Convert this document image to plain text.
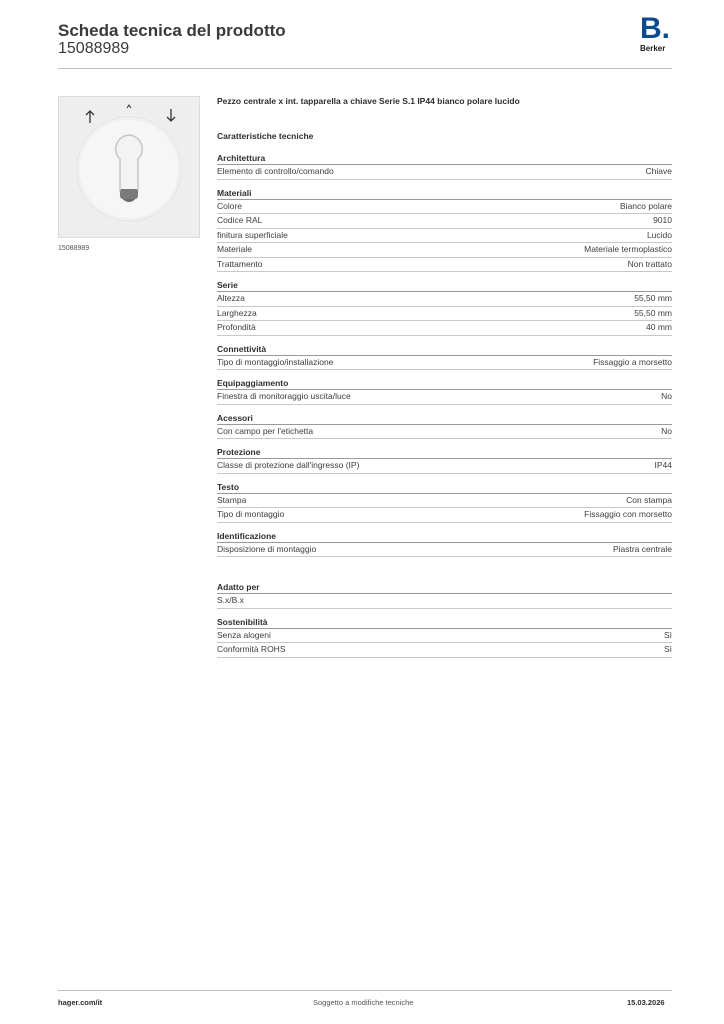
Scheda tecnica del prodotto
15088989
B.
Berker
15088989
Pezzo centrale x int. tapparella a chiave Serie S.1 IP44 bianco polare lucido
Caratteristiche tecniche
Architettura
Elemento di controllo/comando	Chiave
Materiali
Colore	Bianco polare
Codice RAL	9010
finitura superficiale	Lucido
Materiale	Materiale termoplastico
Trattamento	Non trattato
Serie
Altezza	55,50 mm
Larghezza	55,50 mm
Profondità	40 mm
Connettività
Tipo di montaggio/installazione	Fissaggio a morsetto
Equipaggiamento
Finestra di monitoraggio uscita/luce	No
Acessori
Con campo per l'etichetta	No
Protezione
Classe di protezione dall'ingresso (IP)	IP44
Testo
Stampa	Con stampa
Tipo di montaggio	Fissaggio con morsetto
Identificazione
Disposizione di montaggio	Piastra centrale
Adatto per
S.x/B.x
Sostenibilità
Senza alogeni	Sì
Conformità ROHS	Sì
hager.com/it	Soggetto a modifiche tecniche	15.03.2026
